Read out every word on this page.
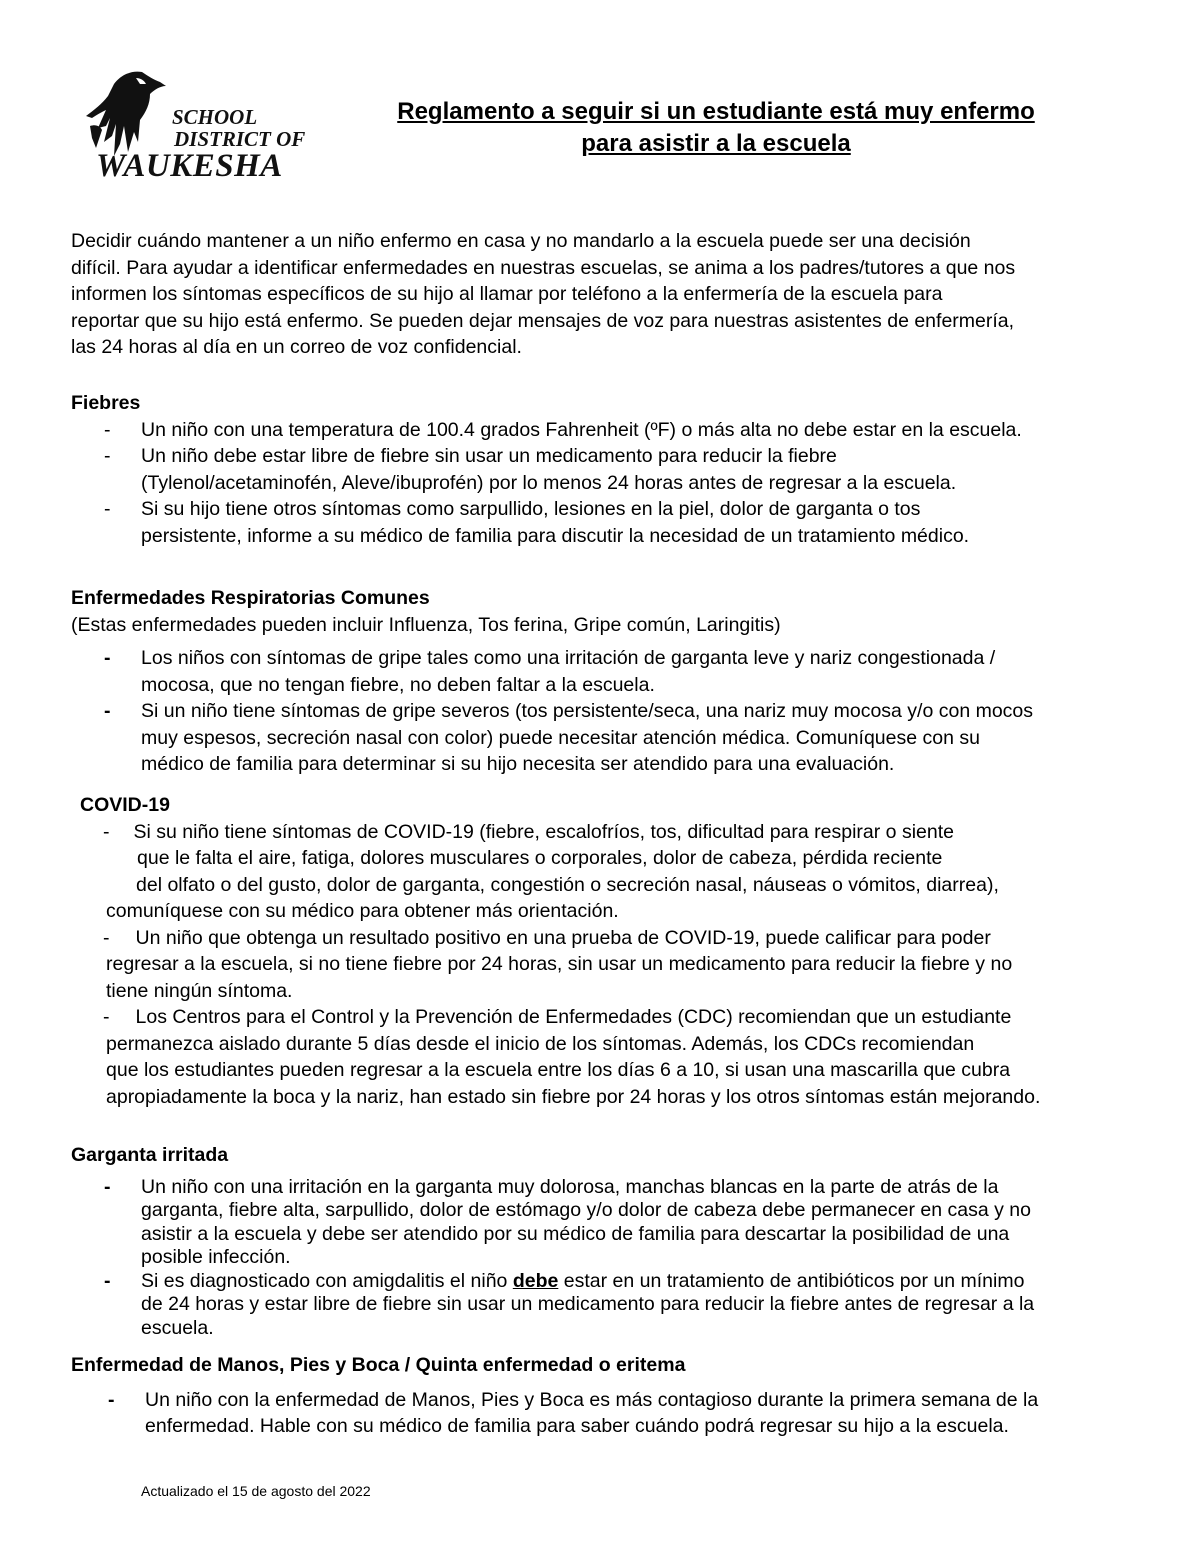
SCHOOL
DISTRICT OF
WAUKESHA
Reglamento a seguir si un estudiante está muy enfermo
para asistir a la escuela
Decidir cuándo mantener a un niño enfermo en casa y no mandarlo a la escuela puede ser una decisión
difícil. Para ayudar a identificar enfermedades en nuestras escuelas, se anima a los padres/tutores a que nos
informen los síntomas específicos de su hijo al llamar por teléfono a la enfermería de la escuela para
reportar que su hijo está enfermo. Se pueden dejar mensajes de voz para nuestras asistentes de enfermería,
las 24 horas al día en un correo de voz confidencial.
Fiebres
- Un niño con una temperatura de 100.4 grados Fahrenheit (ºF) o más alta no debe estar en la escuela.
- Un niño debe estar libre de fiebre sin usar un medicamento para reducir la fiebre
(Tylenol/acetaminofén, Aleve/ibuprofén) por lo menos 24 horas antes de regresar a la escuela.
- Si su hijo tiene otros síntomas como sarpullido, lesiones en la piel, dolor de garganta o tos
persistente, informe a su médico de familia para discutir la necesidad de un tratamiento médico.
Enfermedades Respiratorias Comunes
(Estas enfermedades pueden incluir Influenza, Tos ferina, Gripe común, Laringitis)
- Los niños con síntomas de gripe tales como una irritación de garganta leve y nariz congestionada /
mocosa, que no tengan fiebre, no deben faltar a la escuela.
- Si un niño tiene síntomas de gripe severos (tos persistente/seca, una nariz muy mocosa y/o con mocos
muy espesos, secreción nasal con color) puede necesitar atención médica. Comuníquese con su
médico de familia para determinar si su hijo necesita ser atendido para una evaluación.
COVID-19
- Si su niño tiene síntomas de COVID-19 (fiebre, escalofríos, tos, dificultad para respirar o siente
que le falta el aire, fatiga, dolores musculares o corporales, dolor de cabeza, pérdida reciente
del olfato o del gusto, dolor de garganta, congestión o secreción nasal, náuseas o vómitos, diarrea),
comuníquese con su médico para obtener más orientación.
- Un niño que obtenga un resultado positivo en una prueba de COVID-19, puede calificar para poder
regresar a la escuela, si no tiene fiebre por 24 horas, sin usar un medicamento para reducir la fiebre y no
tiene ningún síntoma.
- Los Centros para el Control y la Prevención de Enfermedades (CDC) recomiendan que un estudiante
permanezca aislado durante 5 días desde el inicio de los síntomas. Además, los CDCs recomiendan
que los estudiantes pueden regresar a la escuela entre los días 6 a 10, si usan una mascarilla que cubra
apropiadamente la boca y la nariz, han estado sin fiebre por 24 horas y los otros síntomas están mejorando.
Garganta irritada
- Un niño con una irritación en la garganta muy dolorosa, manchas blancas en la parte de atrás de la
garganta, fiebre alta, sarpullido, dolor de estómago y/o dolor de cabeza debe permanecer en casa y no
asistir a la escuela y debe ser atendido por su médico de familia para descartar la posibilidad de una
posible infección.
- Si es diagnosticado con amigdalitis el niño debe estar en un tratamiento de antibióticos por un mínimo
de 24 horas y estar libre de fiebre sin usar un medicamento para reducir la fiebre antes de regresar a la
escuela.
Enfermedad de Manos, Pies y Boca / Quinta enfermedad o eritema
- Un niño con la enfermedad de Manos, Pies y Boca es más contagioso durante la primera semana de la
enfermedad. Hable con su médico de familia para saber cuándo podrá regresar su hijo a la escuela.
Actualizado el 15 de agosto del 2022
